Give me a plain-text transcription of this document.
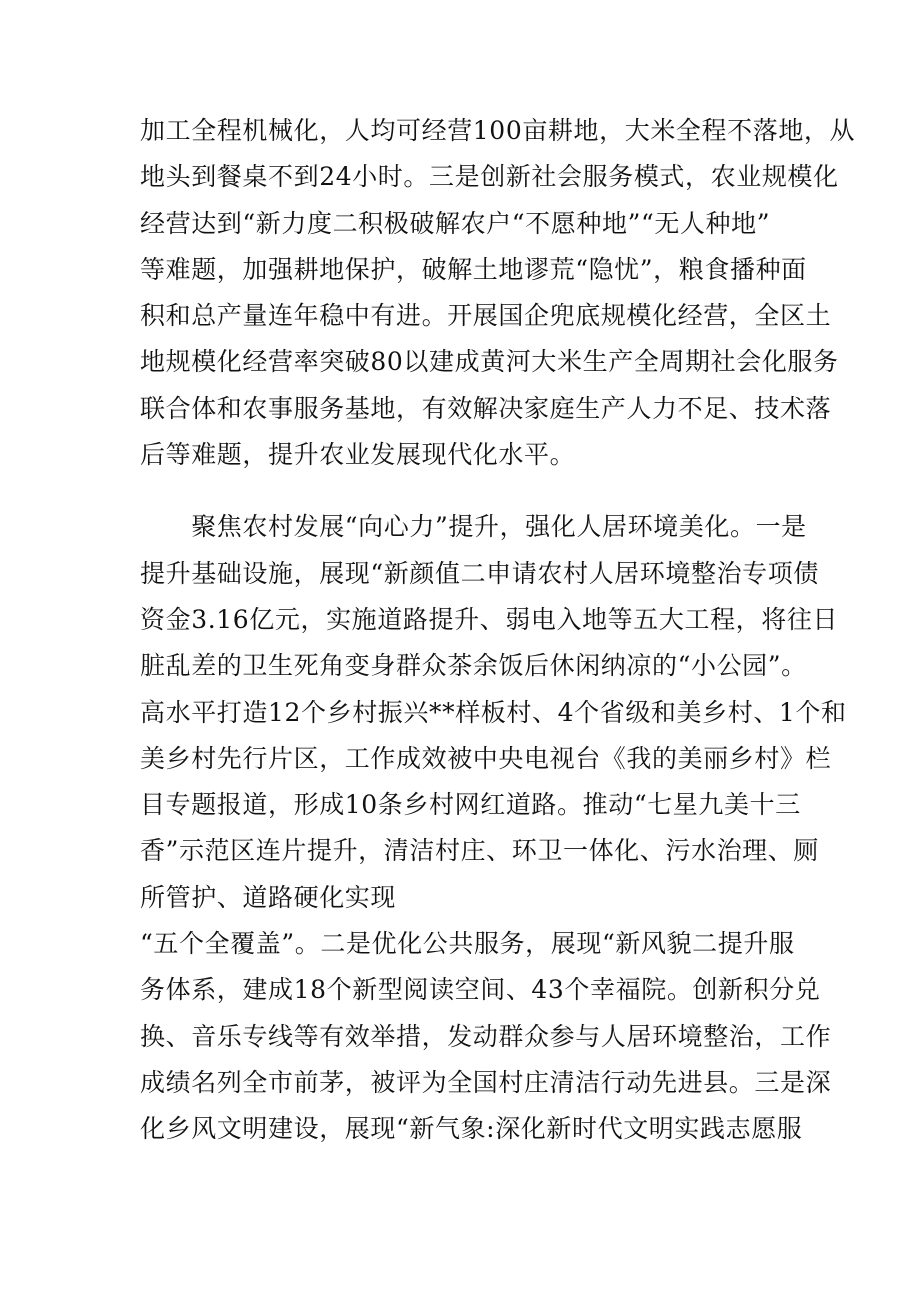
加工全程机械化，人均可经营100亩耕地，大米全程不落地，从
地头到餐桌不到24小时。三是创新社会服务模式，农业规模化
经营达到“新力度二积极破解农户“不愿种地”“无人种地”
等难题，加强耕地保护，破解土地谬荒“隐忧”，粮食播种面
积和总产量连年稳中有进。开展国企兜底规模化经营，全区土
地规模化经营率突破80以建成黄河大米生产全周期社会化服务
联合体和农事服务基地，有效解决家庭生产人力不足、技术落
后等难题，提升农业发展现代化水平。
　　聚焦农村发展“向心力”提升，强化人居环境美化。一是
提升基础设施，展现“新颜值二申请农村人居环境整治专项债
资金3.16亿元，实施道路提升、弱电入地等五大工程，将往日
脏乱差的卫生死角变身群众茶余饭后休闲纳凉的“小公园”。
高水平打造12个乡村振兴**样板村、4个省级和美乡村、1个和
美乡村先行片区，工作成效被中央电视台《我的美丽乡村》栏
目专题报道，形成10条乡村网红道路。推动“七星九美十三
香”示范区连片提升，清洁村庄、环卫一体化、污水治理、厕
所管护、道路硬化实现
“五个全覆盖”。二是优化公共服务，展现“新风貌二提升服
务体系，建成18个新型阅读空间、43个幸福院。创新积分兑
换、音乐专线等有效举措，发动群众参与人居环境整治，工作
成绩名列全市前茅，被评为全国村庄清洁行动先进县。三是深
化乡风文明建设，展现“新气象:深化新时代文明实践志愿服
